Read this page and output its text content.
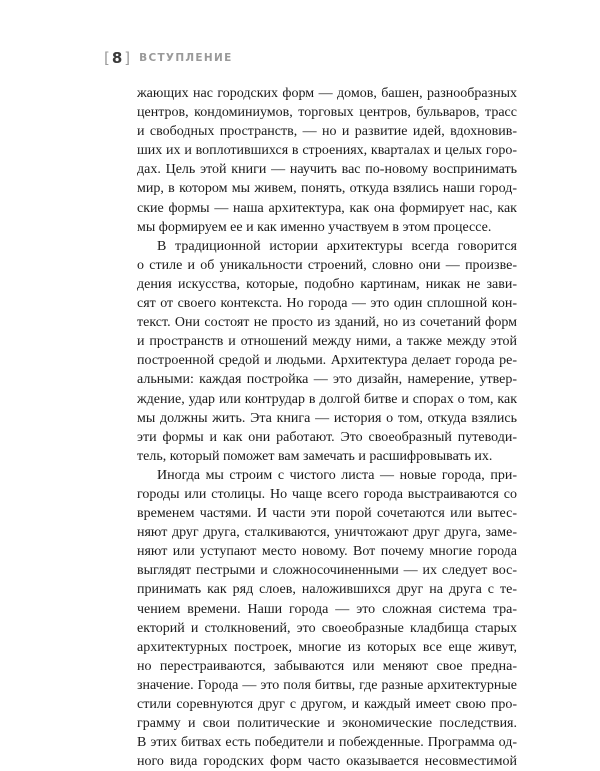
[ 8 ] ВСТУПЛЕНИЕ
жающих нас городских форм — домов, башен, разнообразных
центров, кондоминиумов, торговых центров, бульваров, трасс
и свободных пространств, — но и развитие идей, вдохновив-
ших их и воплотившихся в строениях, кварталах и целых горо-
дах. Цель этой книги — научить вас по-новому воспринимать
мир, в котором мы живем, понять, откуда взялись наши город-
ские формы — наша архитектура, как она формирует нас, как
мы формируем ее и как именно участвуем в этом процессе.
В традиционной истории архитектуры всегда говорится
о стиле и об уникальности строений, словно они — произве-
дения искусства, которые, подобно картинам, никак не зави-
сят от своего контекста. Но города — это один сплошной кон-
текст. Они состоят не просто из зданий, но из сочетаний форм
и пространств и отношений между ними, а также между этой
построенной средой и людьми. Архитектура делает города ре-
альными: каждая постройка — это дизайн, намерение, утвер-
ждение, удар или контрудар в долгой битве и спорах о том, как
мы должны жить. Эта книга — история о том, откуда взялись
эти формы и как они работают. Это своеобразный путеводи-
тель, который поможет вам замечать и расшифровывать их.
Иногда мы строим с чистого листа — новые города, при-
городы или столицы. Но чаще всего города выстраиваются со
временем частями. И части эти порой сочетаются или вытес-
няют друг друга, сталкиваются, уничтожают друг друга, заме-
няют или уступают место новому. Вот почему многие города
выглядят пестрыми и сложносочиненными — их следует вос-
принимать как ряд слоев, наложившихся друг на друга с те-
чением времени. Наши города — это сложная система тра-
екторий и столкновений, это своеобразные кладбища старых
архитектурных построек, многие из которых все еще живут,
но перестраиваются, забываются или меняют свое предна-
значение. Города — это поля битвы, где разные архитектурные
стили соревнуются друг с другом, и каждый имеет свою про-
грамму и свои политические и экономические последствия.
В этих битвах есть победители и побежденные. Программа од-
ного вида городских форм часто оказывается несовместимой
